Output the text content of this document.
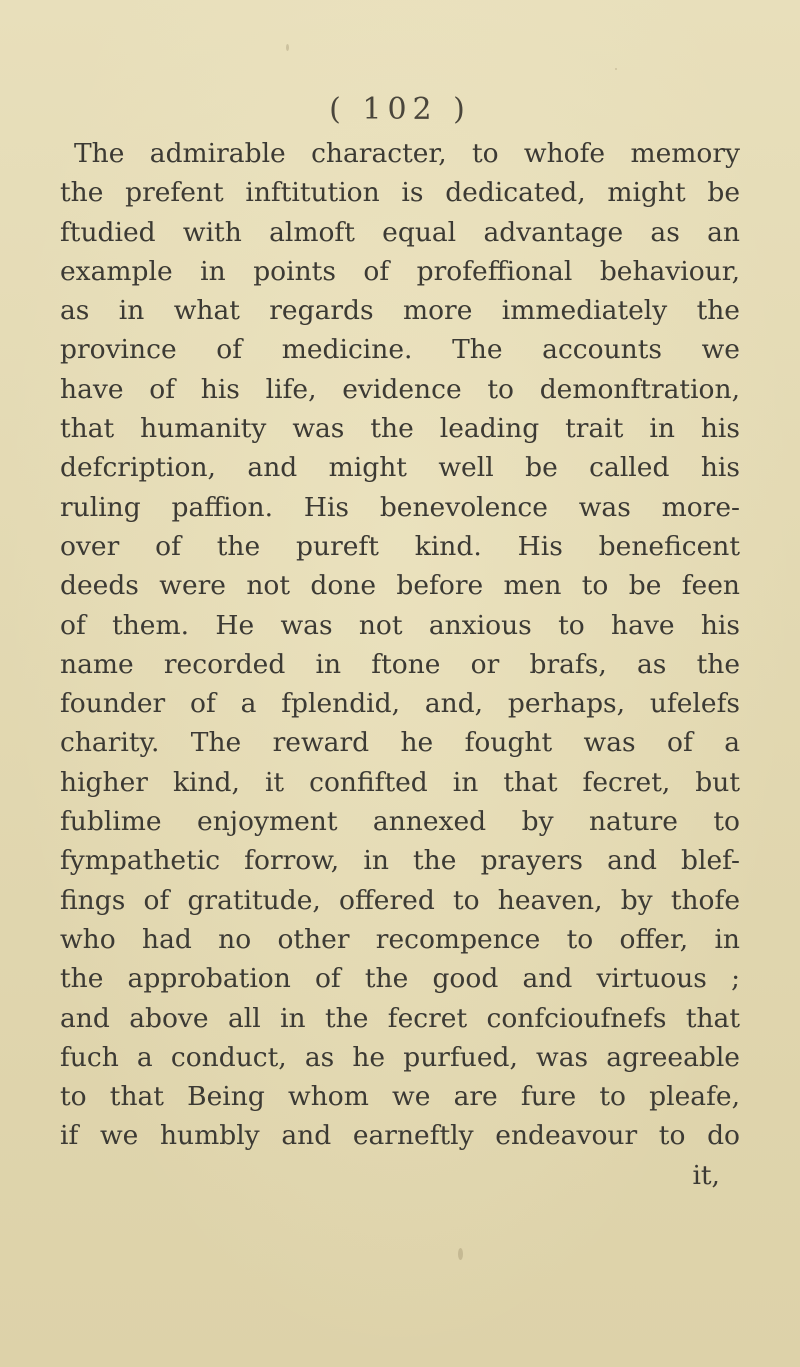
( 102 )
The admirable character, to whofe memory
the prefent inftitution is dedicated, might be
ftudied with almoft equal advantage as an
example in points of profeffional behaviour,
as in what regards more immediately the
province of medicine. The accounts we
have of his life, evidence to demonftration,
that humanity was the leading trait in his
defcription, and might well be called his
ruling paffion. His benevolence was more-
over of the pureft kind. His beneficent
deeds were not done before men to be feen
of them. He was not anxious to have his
name recorded in ftone or brafs, as the
founder of a fplendid, and, perhaps, ufelefs
charity. The reward he fought was of a
higher kind, it confifted in that fecret, but
fublime enjoyment annexed by nature to
fympathetic forrow, in the prayers and blef-
fings of gratitude, offered to heaven, by thofe
who had no other recompence to offer, in
the approbation of the good and virtuous ;
and above all in the fecret confcioufnefs that
fuch a conduct, as he purfued, was agreeable
to that Being whom we are fure to pleafe,
if we humbly and earneftly endeavour to do
it,
